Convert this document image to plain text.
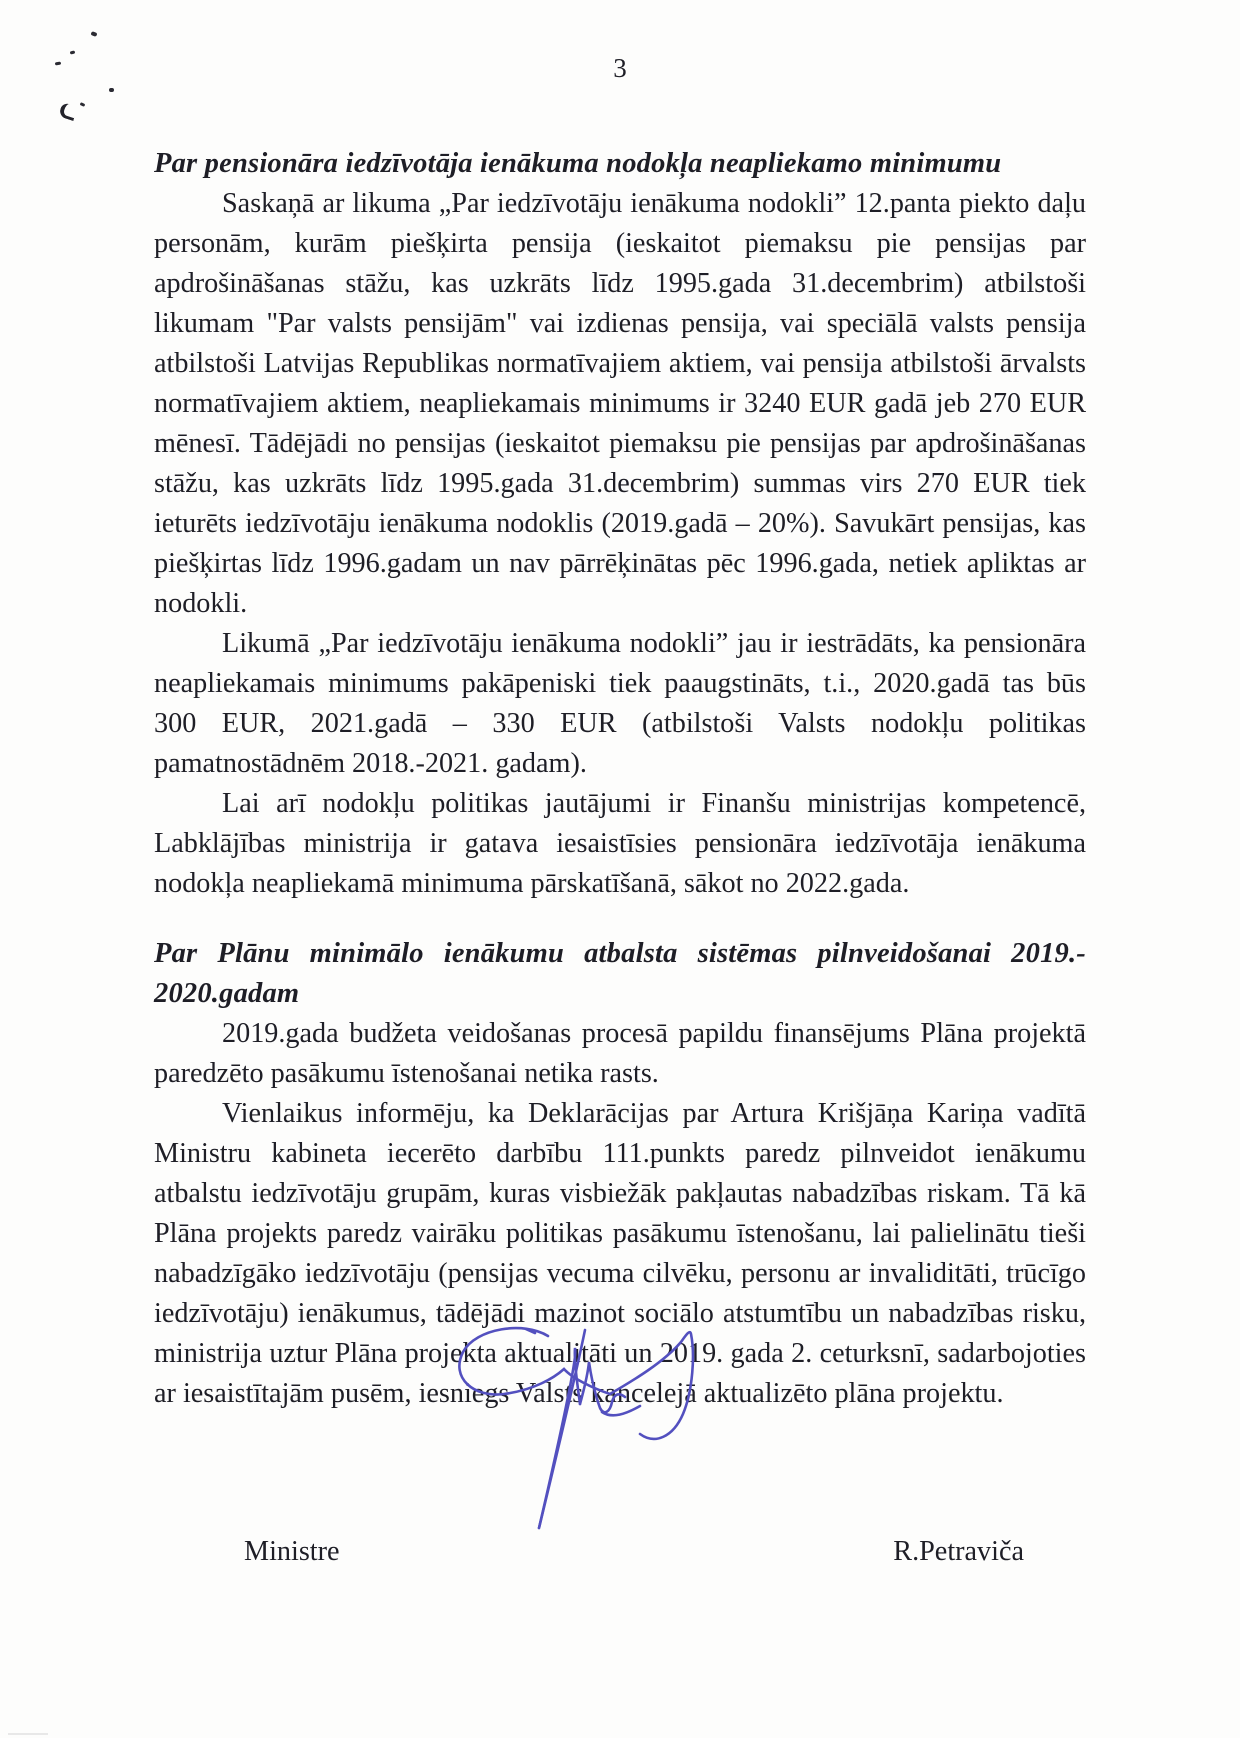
3
Par pensionāra iedzīvotāja ienākuma nodokļa neapliekamo minimumu

Saskaņā ar likuma „Par iedzīvotāju ienākuma nodokli” 12.panta piekto daļu personām, kurām piešķirta pensija (ieskaitot piemaksu pie pensijas par apdrošināšanas stāžu, kas uzkrāts līdz 1995.gada 31.decembrim) atbilstoši likumam "Par valsts pensijām" vai izdienas pensija, vai speciālā valsts pensija atbilstoši Latvijas Republikas normatīvajiem aktiem, vai pensija atbilstoši ārvalsts normatīvajiem aktiem, neapliekamais minimums ir 3240 EUR gadā jeb 270 EUR mēnesī. Tādējādi no pensijas (ieskaitot piemaksu pie pensijas par apdrošināšanas stāžu, kas uzkrāts līdz 1995.gada 31.decembrim) summas virs 270 EUR tiek ieturēts iedzīvotāju ienākuma nodoklis (2019.gadā – 20%). Savukārt pensijas, kas piešķirtas līdz 1996.gadam un nav pārrēķinātas pēc 1996.gada, netiek apliktas ar nodokli.

Likumā „Par iedzīvotāju ienākuma nodokli” jau ir iestrādāts, ka pensionāra neapliekamais minimums pakāpeniski tiek paaugstināts, t.i., 2020.gadā tas būs 300 EUR, 2021.gadā – 330 EUR (atbilstoši Valsts nodokļu politikas pamatnostādnēm 2018.-2021. gadam).

Lai arī nodokļu politikas jautājumi ir Finanšu ministrijas kompetencē, Labklājības ministrija ir gatava iesaistīsies pensionāra iedzīvotāja ienākuma nodokļa neapliekamā minimuma pārskatīšanā, sākot no 2022.gada.

Par Plānu minimālo ienākumu atbalsta sistēmas pilnveidošanai 2019.-
2020.gadam

2019.gada budžeta veidošanas procesā papildu finansējums Plāna projektā paredzēto pasākumu īstenošanai netika rasts.

Vienlaikus informēju, ka Deklarācijas par Artura Krišjāņa Kariņa vadītā Ministru kabineta iecerēto darbību 111.punkts paredz pilnveidot ienākumu atbalstu iedzīvotāju grupām, kuras visbiežāk pakļautas nabadzības riskam. Tā kā Plāna projekts paredz vairāku politikas pasākumu īstenošanu, lai palielinātu tieši nabadzīgāko iedzīvotāju (pensijas vecuma cilvēku, personu ar invaliditāti, trūcīgo iedzīvotāju) ienākumus, tādējādi mazinot sociālo atstumtību un nabadzības risku, ministrija uztur Plāna projekta aktualitāti un 2019. gada 2. ceturksnī, sadarbojoties ar iesaistītajām pusēm, iesniegs Valsts kancelejā aktualizēto plāna projektu.

Ministre	R.Petraviča
